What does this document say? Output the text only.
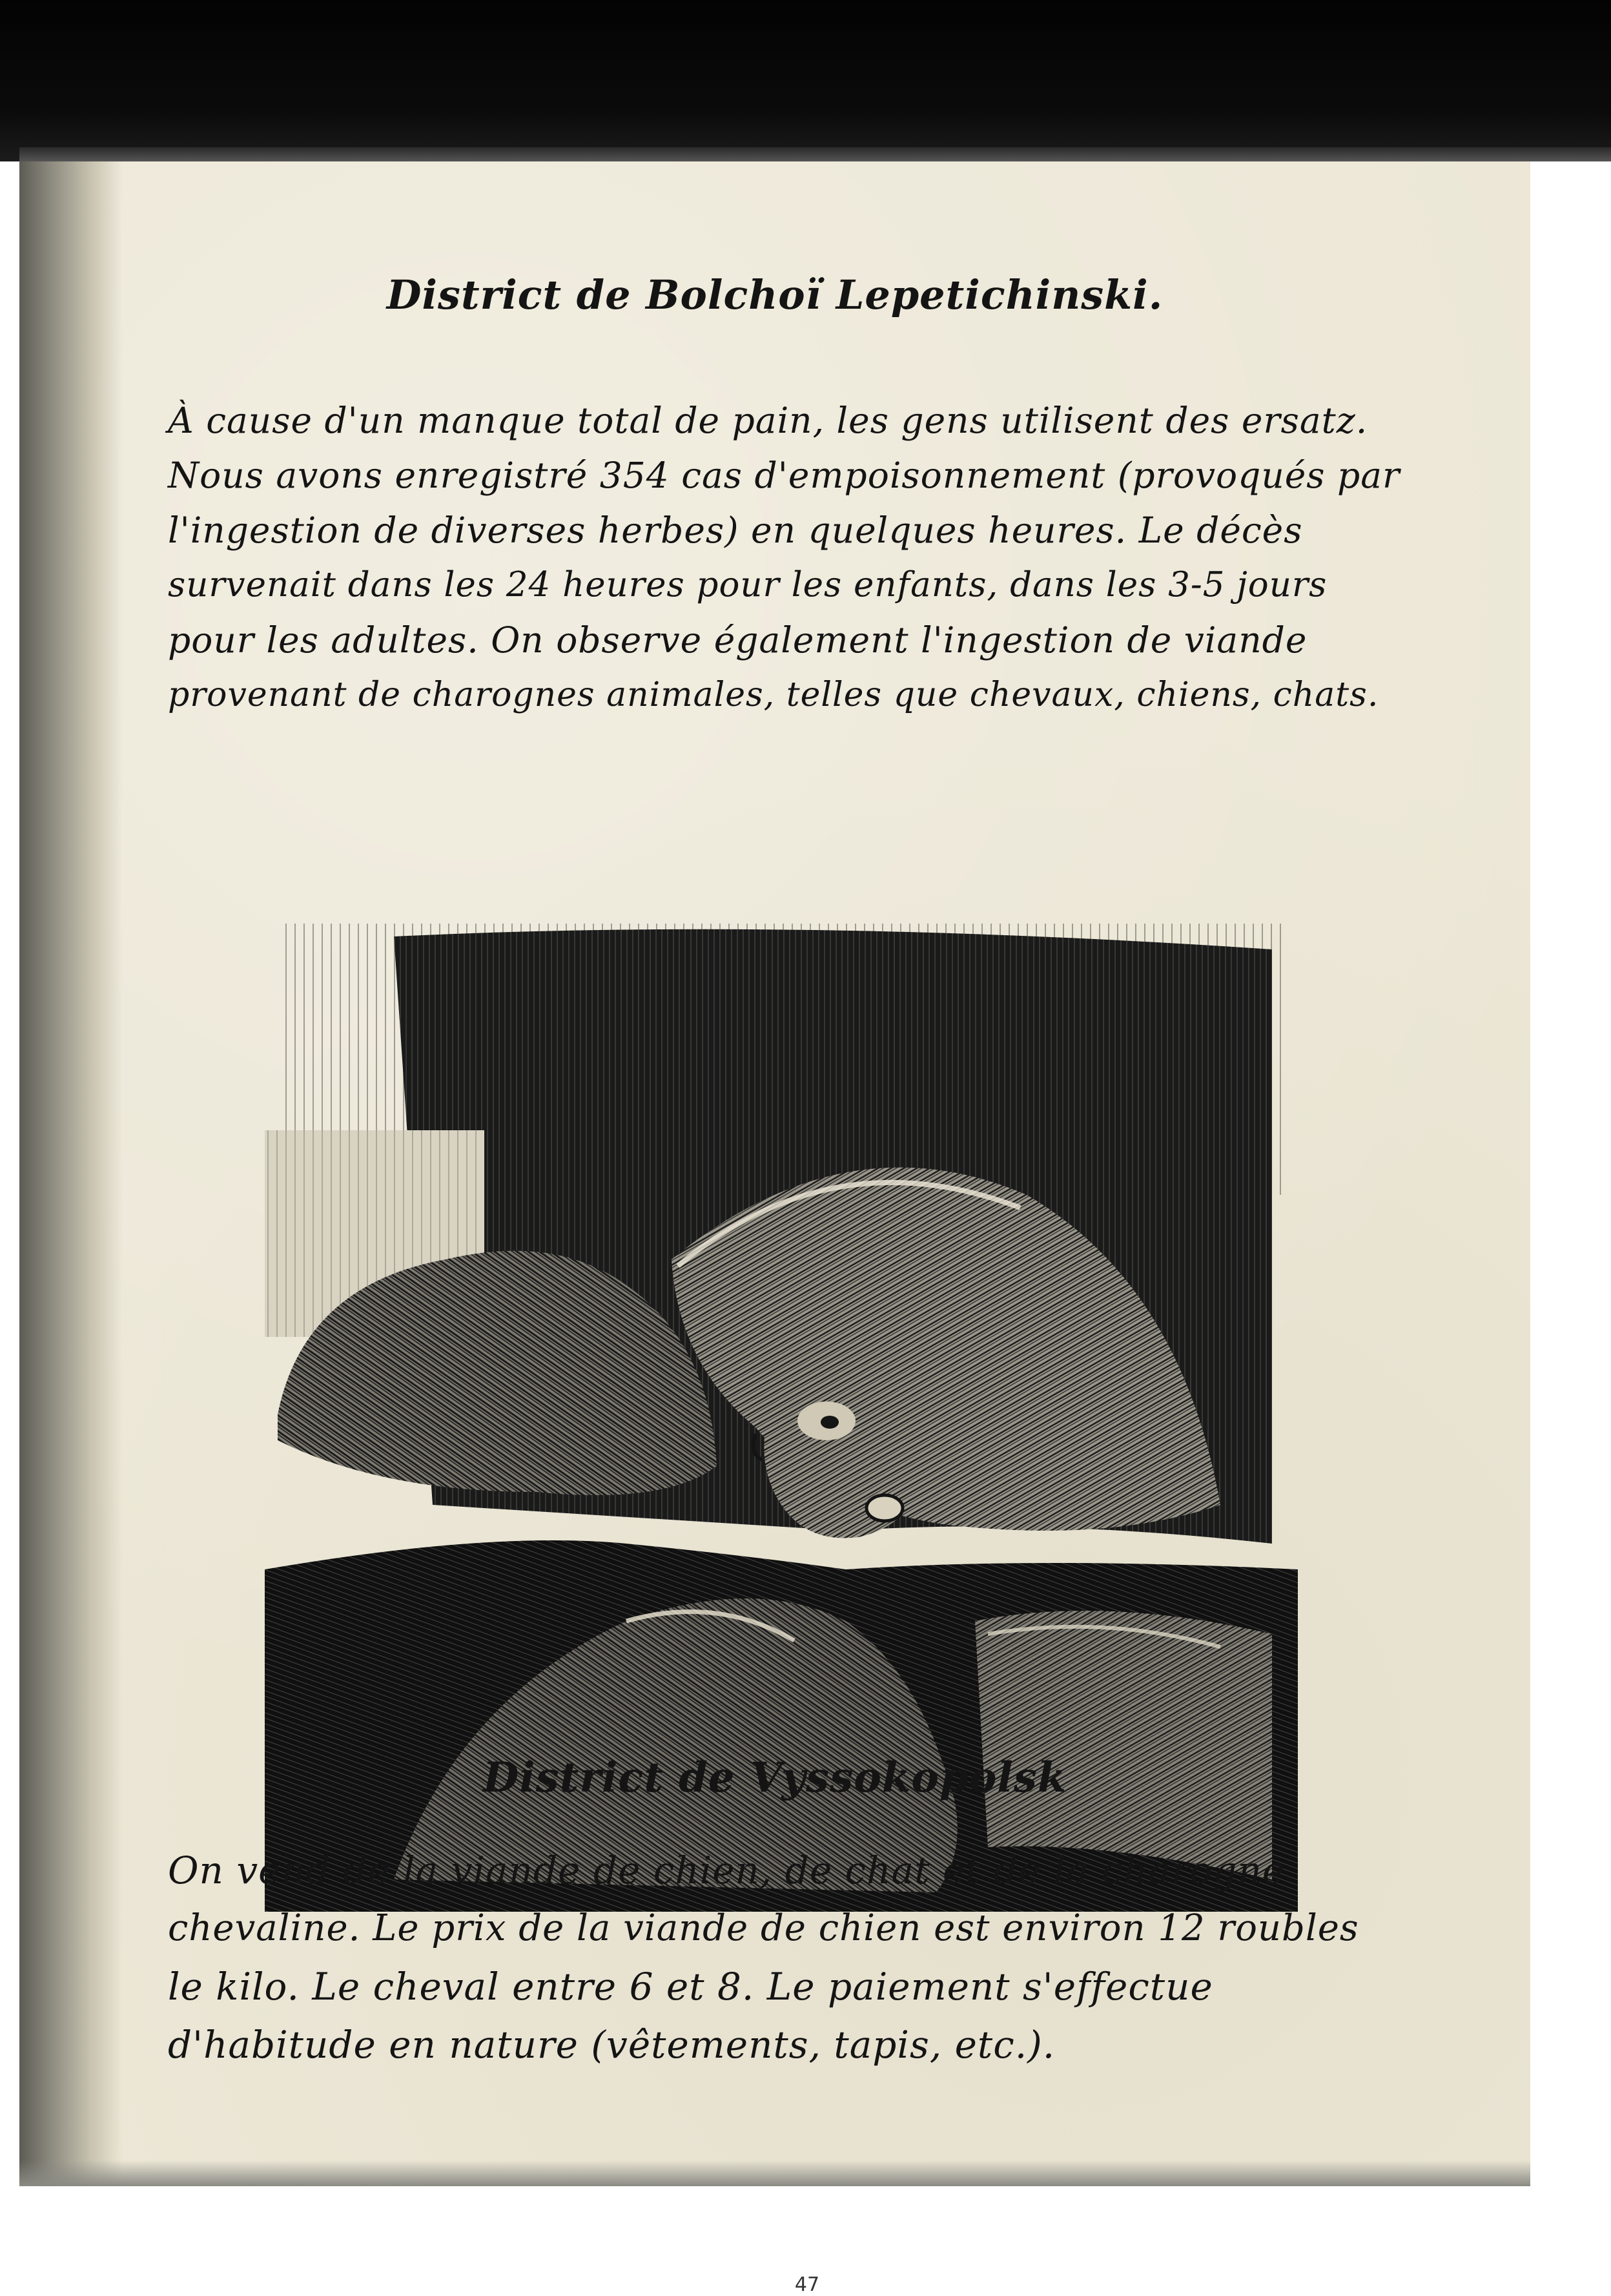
District de Bolchoï Lepetichinski.

À cause d'un manque total de pain, les gens utilisent des ersatz.

Nous avons enregistré 354 cas d'empoisonnement (provoqués par

l'ingestion de diverses herbes) en quelques heures. Le décès

survenait dans les 24 heures pour les enfants, dans les 3-5 jours

pour les adultes. On observe également l'ingestion de viande

provenant de charognes animales, telles que chevaux, chiens, chats.

District de Vyssokopolsk

On vend de la viande de chien, de chat et de la charogne

chevaline. Le prix de la viande de chien est environ 12 roubles

le kilo. Le cheval entre 6 et 8. Le paiement s'effectue

d'habitude en nature (vêtements, tapis, etc.).

47
